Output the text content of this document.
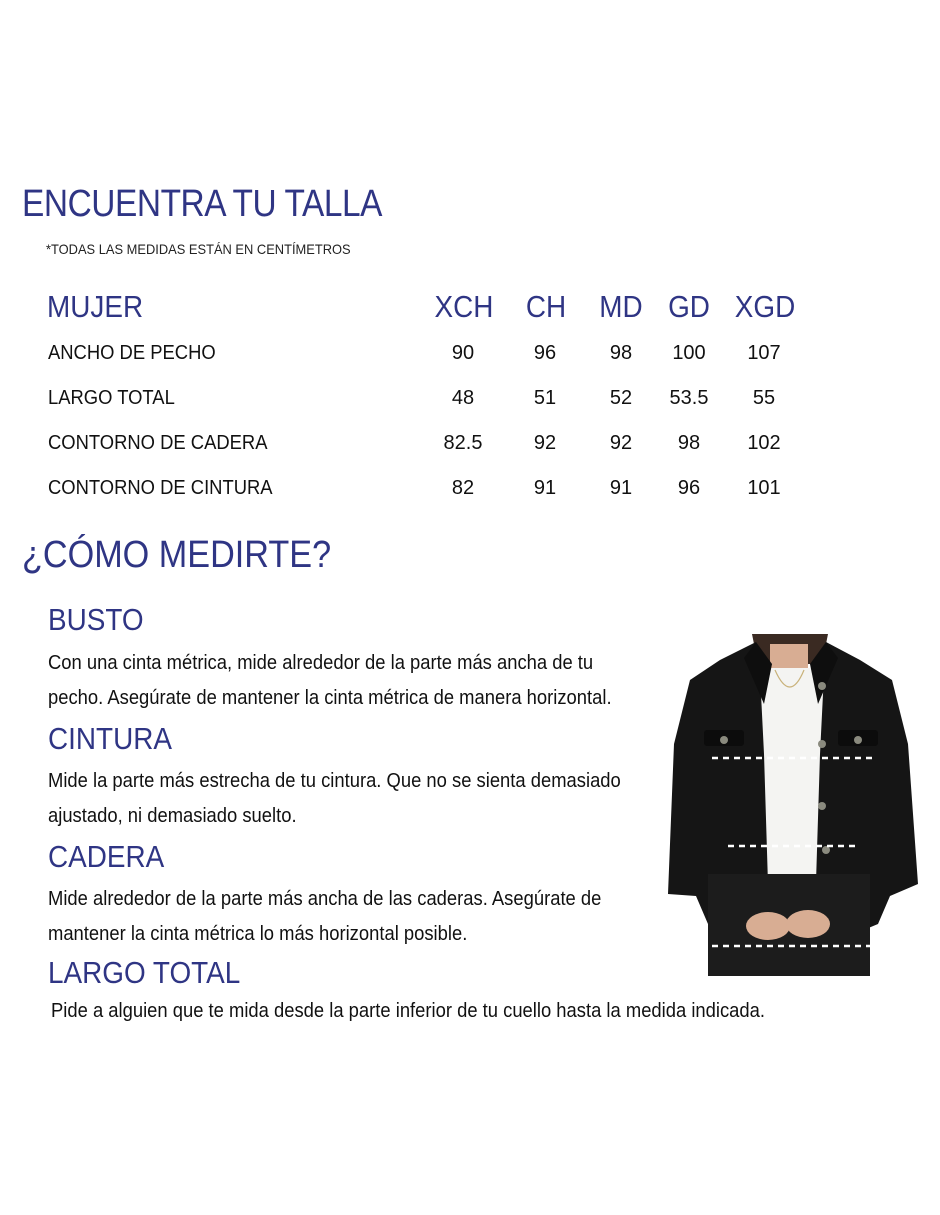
ENCUENTRA TU TALLA
*TODAS LAS MEDIDAS ESTÁN EN CENTÍMETROS
MUJER	XCH	CH	MD GD XGD
ANCHO DE PECHO	90	96	98	100	107
LARGO TOTAL	48	51	52	53.5	55
CONTORNO DE CADERA	82.5	92	92	98	102
CONTORNO DE CINTURA	82	91	91	96	101
¿CÓMO MEDIRTE?
BUSTO
Con una cinta métrica, mide alrededor de la parte más ancha de tu
pecho. Asegúrate de mantener la cinta métrica de manera horizontal.
CINTURA
Mide la parte más estrecha de tu cintura. Que no se sienta demasiado
ajustado, ni demasiado suelto.
CADERA
Mide alrededor de la parte más ancha de las caderas. Asegúrate de
mantener la cinta métrica lo más horizontal posible.
LARGO TOTAL
Pide a alguien que te mida desde la parte inferior de tu cuello hasta la medida indicada.
